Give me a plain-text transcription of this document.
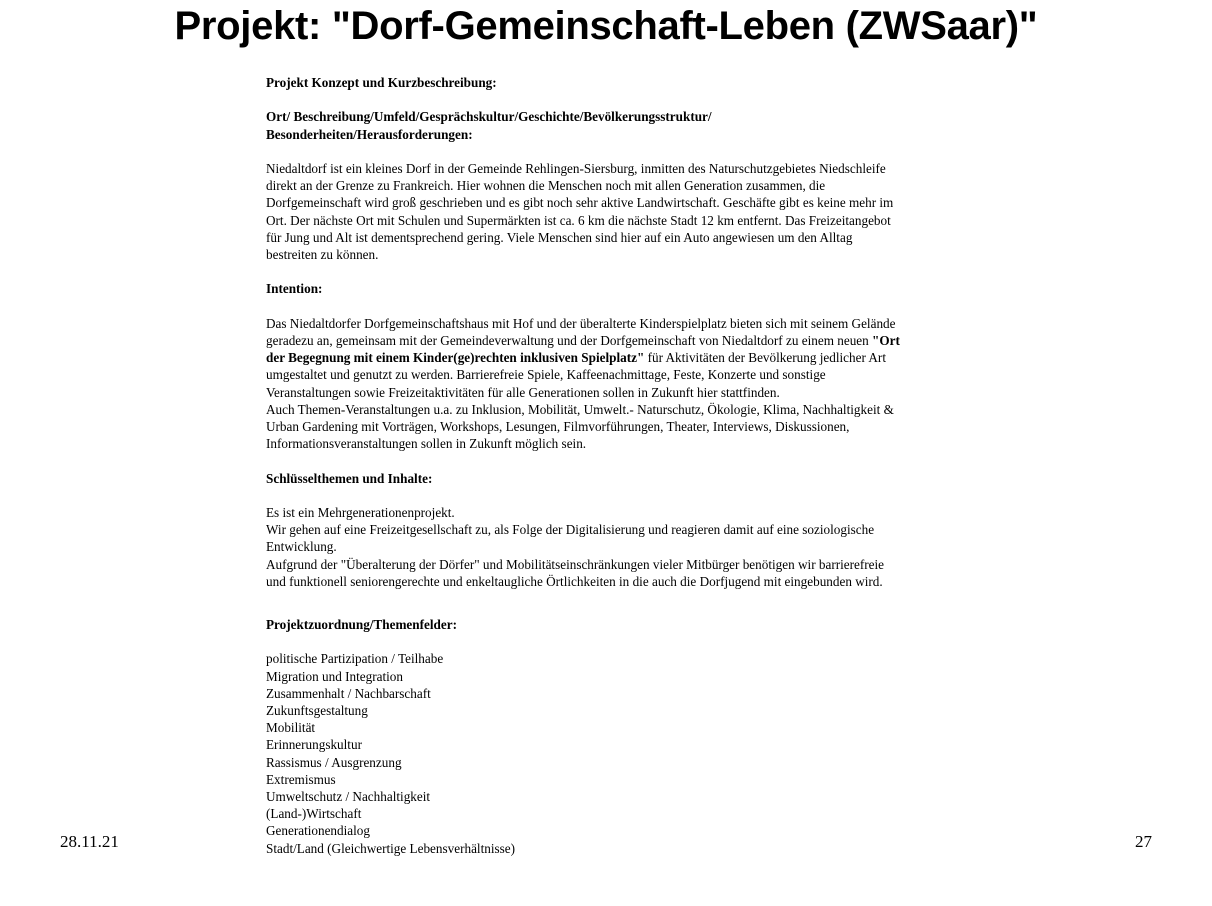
Projekt: "Dorf-Gemeinschaft-Leben (ZWSaar)"

Projekt Konzept und Kurzbeschreibung:

Ort/ Beschreibung/Umfeld/Gesprächskultur/Geschichte/Bevölkerungsstruktur/

Besonderheiten/Herausforderungen:

Niedaltdorf ist ein kleines Dorf in der Gemeinde Rehlingen-Siersburg, inmitten des Naturschutzgebietes Niedschleife

direkt an der Grenze zu Frankreich. Hier wohnen die Menschen noch mit allen Generation zusammen, die

Dorfgemeinschaft wird groß geschrieben und es gibt noch sehr aktive Landwirtschaft. Geschäfte gibt es keine mehr im

Ort. Der nächste Ort mit Schulen und Supermärkten ist ca. 6 km die nächste Stadt 12 km entfernt. Das Freizeitangebot

für Jung und Alt ist dementsprechend gering. Viele Menschen sind hier auf ein Auto angewiesen um den Alltag

bestreiten zu können.

Intention:

Das Niedaltdorfer Dorfgemeinschaftshaus mit Hof und der überalterte Kinderspielplatz bieten sich mit seinem Gelände

geradezu an, gemeinsam mit der Gemeindeverwaltung und der Dorfgemeinschaft von Niedaltdorf zu einem neuen "Ort

der Begegnung mit einem Kinder(ge)rechten inklusiven Spielplatz" für Aktivitäten der Bevölkerung jedlicher Art

umgestaltet und genutzt zu werden. Barrierefreie Spiele, Kaffeenachmittage, Feste, Konzerte und sonstige

Veranstaltungen sowie Freizeitaktivitäten für alle Generationen sollen in Zukunft hier stattfinden.

Auch Themen-Veranstaltungen u.a. zu Inklusion, Mobilität, Umwelt.- Naturschutz, Ökologie, Klima, Nachhaltigkeit &

Urban Gardening mit Vorträgen, Workshops, Lesungen, Filmvorführungen, Theater, Interviews, Diskussionen,

Informationsveranstaltungen sollen in Zukunft möglich sein.

Schlüsselthemen und Inhalte:

Es ist ein Mehrgenerationenprojekt.

Wir gehen auf eine Freizeitgesellschaft zu, als Folge der Digitalisierung und reagieren damit auf eine soziologische

Entwicklung.

Aufgrund der "Überalterung der Dörfer" und Mobilitätseinschränkungen vieler Mitbürger benötigen wir barrierefreie

und funktionell seniorengerechte und enkeltaugliche Örtlichkeiten in die auch die Dorfjugend mit eingebunden wird.

Projektzuordnung/Themenfelder:

politische Partizipation / Teilhabe

Migration und Integration

Zusammenhalt / Nachbarschaft

Zukunftsgestaltung

Mobilität

Erinnerungskultur

Rassismus / Ausgrenzung

Extremismus

Umweltschutz / Nachhaltigkeit

(Land-)Wirtschaft

Generationendialog

Stadt/Land (Gleichwertige Lebensverhältnisse)

28.11.21	27
